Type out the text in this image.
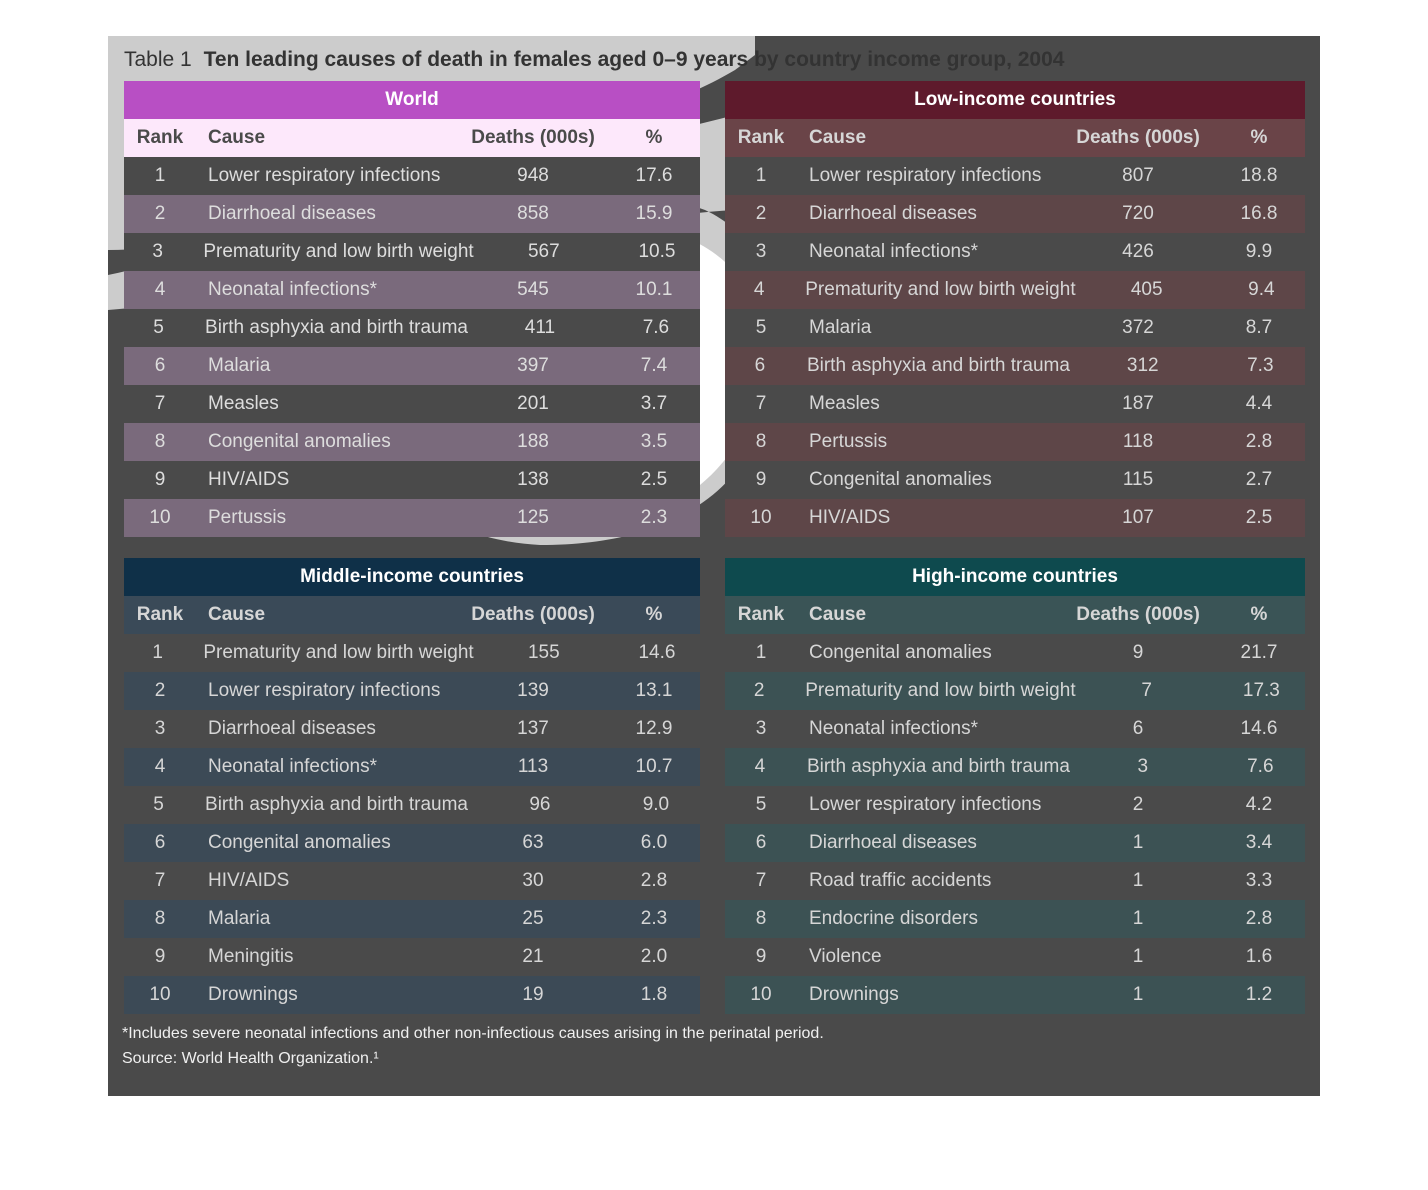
Table 1 Ten leading causes of death in females aged 0–9 years by country income group, 2004
World
Rank	Cause	Deaths (000s)	%
1	Lower respiratory infections	948	17.6
2	Diarrhoeal diseases	858	15.9
3	Prematurity and low birth weight	567	10.5
4	Neonatal infections*	545	10.1
5	Birth asphyxia and birth trauma	411	7.6
6	Malaria	397	7.4
7	Measles	201	3.7
8	Congenital anomalies	188	3.5
9	HIV/AIDS	138	2.5
10	Pertussis	125	2.3
Low-income countries
Rank	Cause	Deaths (000s)	%
1	Lower respiratory infections	807	18.8
2	Diarrhoeal diseases	720	16.8
3	Neonatal infections*	426	9.9
4	Prematurity and low birth weight	405	9.4
5	Malaria	372	8.7
6	Birth asphyxia and birth trauma	312	7.3
7	Measles	187	4.4
8	Pertussis	118	2.8
9	Congenital anomalies	115	2.7
10	HIV/AIDS	107	2.5
Middle-income countries
Rank	Cause	Deaths (000s)	%
1	Prematurity and low birth weight	155	14.6
2	Lower respiratory infections	139	13.1
3	Diarrhoeal diseases	137	12.9
4	Neonatal infections*	113	10.7
5	Birth asphyxia and birth trauma	96	9.0
6	Congenital anomalies	63	6.0
7	HIV/AIDS	30	2.8
8	Malaria	25	2.3
9	Meningitis	21	2.0
10	Drownings	19	1.8
High-income countries
Rank	Cause	Deaths (000s)	%
1	Congenital anomalies	9	21.7
2	Prematurity and low birth weight	7	17.3
3	Neonatal infections*	6	14.6
4	Birth asphyxia and birth trauma	3	7.6
5	Lower respiratory infections	2	4.2
6	Diarrhoeal diseases	1	3.4
7	Road traffic accidents	1	3.3
8	Endocrine disorders	1	2.8
9	Violence	1	1.6
10	Drownings	1	1.2
*Includes severe neonatal infections and other non-infectious causes arising in the perinatal period.
Source: World Health Organization.¹
